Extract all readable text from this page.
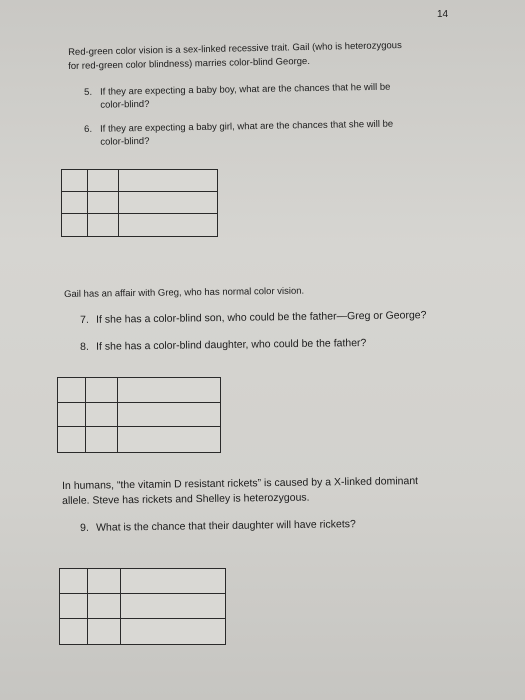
14
Red-green color vision is a sex-linked recessive trait. Gail (who is heterozygous
for red-green color blindness) marries color-blind George.
5. If they are expecting a baby boy, what are the chances that he will be
color-blind?
6. If they are expecting a baby girl, what are the chances that she will be
color-blind?
Gail has an affair with Greg, who has normal color vision.
7. If she has a color-blind son, who could be the father—Greg or George?
8. If she has a color-blind daughter, who could be the father?
In humans, “the vitamin D resistant rickets” is caused by a X-linked dominant
allele. Steve has rickets and Shelley is heterozygous.
9. What is the chance that their daughter will have rickets?
